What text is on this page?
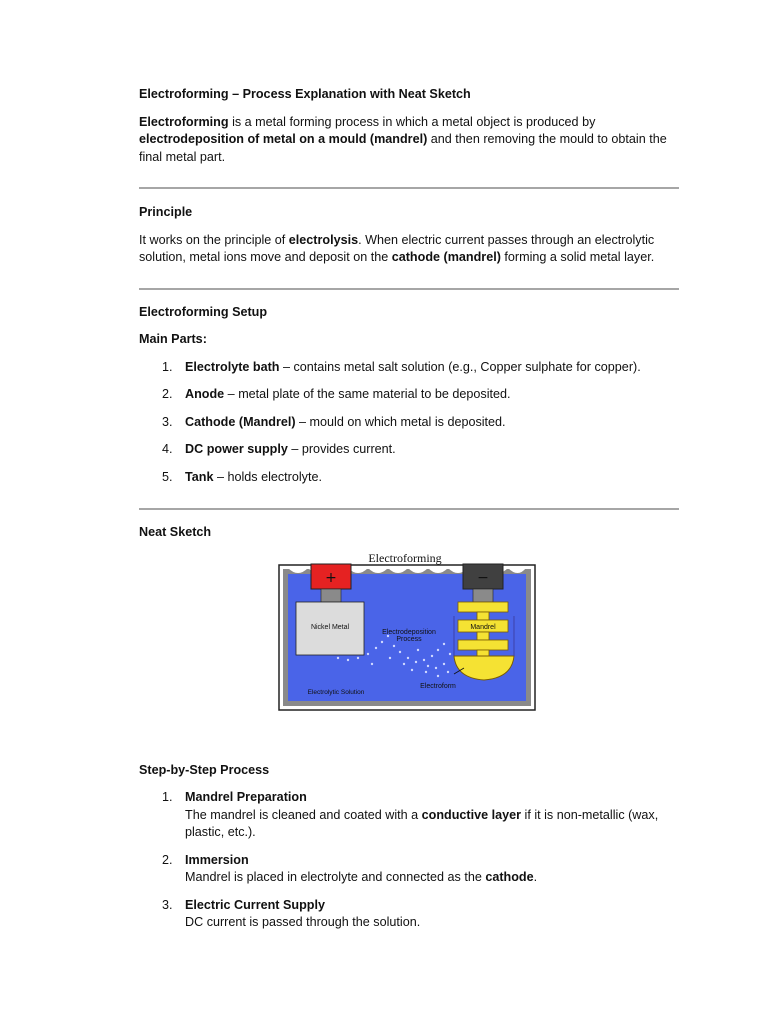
Electroforming – Process Explanation with Neat Sketch

Electroforming is a metal forming process in which a metal object is produced by electrodeposition of metal on a mould (mandrel) and then removing the mould to obtain the final metal part.

Principle

It works on the principle of electrolysis. When electric current passes through an electrolytic solution, metal ions move and deposit on the cathode (mandrel) forming a solid metal layer.

Electroforming Setup

Main Parts:

1. Electrolyte bath – contains metal salt solution (e.g., Copper sulphate for copper).
2. Anode – metal plate of the same material to be deposited.
3. Cathode (Mandrel) – mould on which metal is deposited.
4. DC power supply – provides current.
5. Tank – holds electrolyte.

Neat Sketch

Electroforming
+	−
Nickel Metal
Electrodeposition
Process
Mandrel
Electrolytic Solution
Electroform

Step-by-Step Process

1. Mandrel Preparation
The mandrel is cleaned and coated with a conductive layer if it is non-metallic (wax, plastic, etc.).
2. Immersion
Mandrel is placed in electrolyte and connected as the cathode.
3. Electric Current Supply
DC current is passed through the solution.
